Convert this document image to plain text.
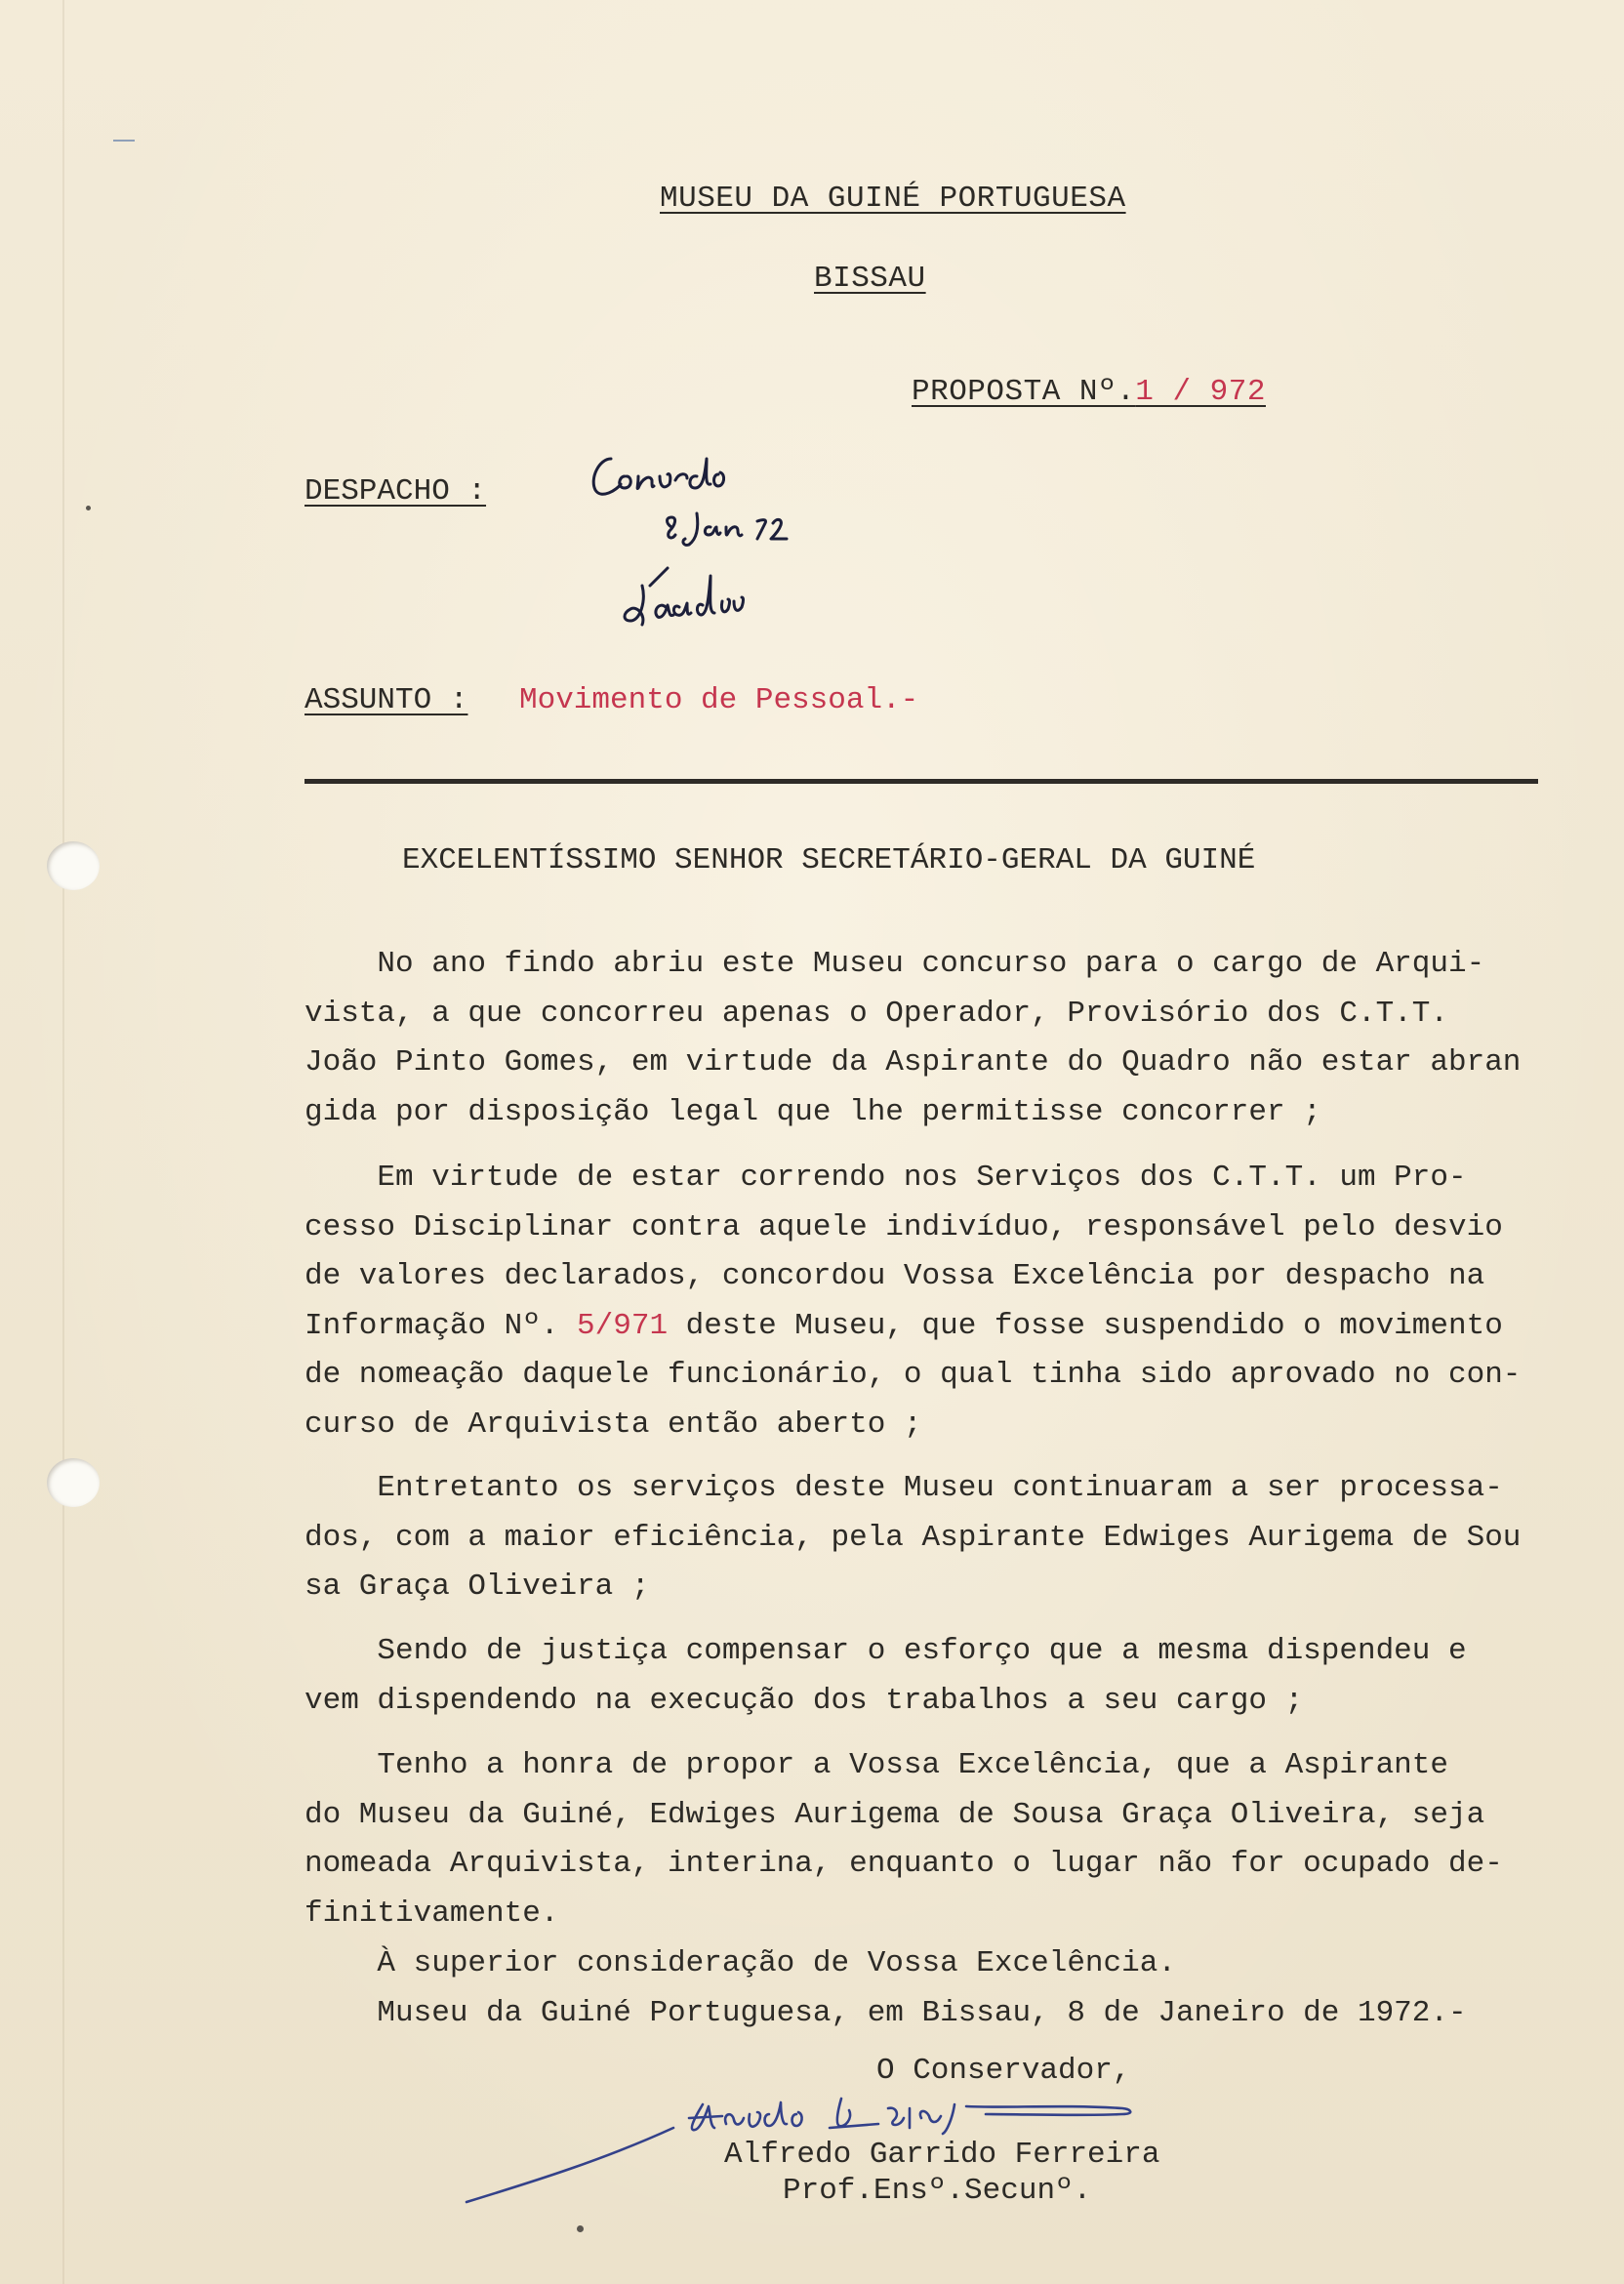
MUSEU DA GUINÉ PORTUGUESA
BISSAU
PROPOSTA Nº.1 / 972
DESPACHO :
ASSUNTO : Movimento de Pessoal.-
EXCELENTÍSSIMO SENHOR SECRETÁRIO-GERAL DA GUINÉ
No ano findo abriu este Museu concurso para o cargo de Arqui-
vista, a que concorreu apenas o Operador, Provisório dos C.T.T.
João Pinto Gomes, em virtude da Aspirante do Quadro não estar abran
gida por disposição legal que lhe permitisse concorrer ;
Em virtude de estar correndo nos Serviços dos C.T.T. um Pro-
cesso Disciplinar contra aquele indivíduo, responsável pelo desvio
de valores declarados, concordou Vossa Excelência por despacho na
Informação Nº. 5/971 deste Museu, que fosse suspendido o movimento
de nomeação daquele funcionário, o qual tinha sido aprovado no con-
curso de Arquivista então aberto ;
Entretanto os serviços deste Museu continuaram a ser processa-
dos, com a maior eficiência, pela Aspirante Edwiges Aurigema de Sou
sa Graça Oliveira ;
Sendo de justiça compensar o esforço que a mesma dispendeu e
vem dispendendo na execução dos trabalhos a seu cargo ;
Tenho a honra de propor a Vossa Excelência, que a Aspirante
do Museu da Guiné, Edwiges Aurigema de Sousa Graça Oliveira, seja
nomeada Arquivista, interina, enquanto o lugar não for ocupado de-
finitivamente.
À superior consideração de Vossa Excelência.
Museu da Guiné Portuguesa, em Bissau, 8 de Janeiro de 1972.-
O Conservador,
Alfredo Garrido Ferreira
Prof.Ensº.Secunº.
